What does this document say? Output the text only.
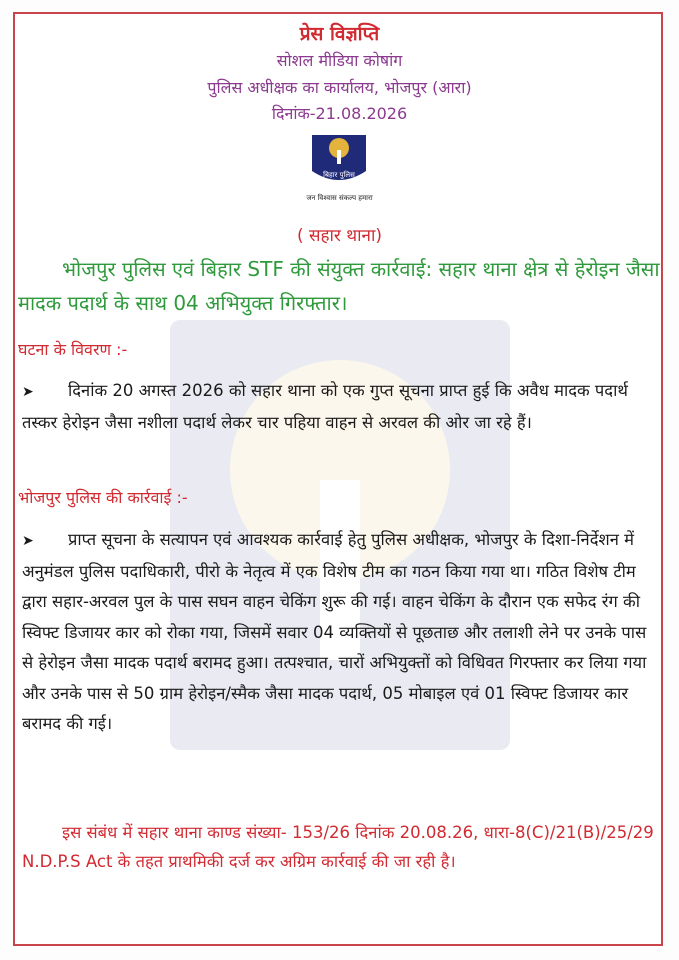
प्रेस विज्ञप्ति
सोशल मीडिया कोषांग
पुलिस अधीक्षक का कार्यालय, भोजपुर (आरा)
दिनांक-21.08.2026
बिहार पुलिस
जन विश्वास संकल्प हमारा
( सहार थाना)
भोजपुर पुलिस एवं बिहार STF की संयुक्त कार्रवाई: सहार थाना क्षेत्र से हेरोइन जैसा मादक पदार्थ के साथ 04 अभियुक्त गिरफ्तार।
घटना के विवरण :-
➤ दिनांक 20 अगस्त 2026 को सहार थाना को एक गुप्त सूचना प्राप्त हुई कि अवैध मादक पदार्थ तस्कर हेरोइन जैसा नशीला पदार्थ लेकर चार पहिया वाहन से अरवल की ओर जा रहे हैं।
भोजपुर पुलिस की कार्रवाई :-
➤ प्राप्त सूचना के सत्यापन एवं आवश्यक कार्रवाई हेतु पुलिस अधीक्षक, भोजपुर के दिशा-निर्देशन में अनुमंडल पुलिस पदाधिकारी, पीरो के नेतृत्व में एक विशेष टीम का गठन किया गया था। गठित विशेष टीम द्वारा सहार-अरवल पुल के पास सघन वाहन चेकिंग शुरू की गई। वाहन चेकिंग के दौरान एक सफेद रंग की स्विफ्ट डिजायर कार को रोका गया, जिसमें सवार 04 व्यक्तियों से पूछताछ और तलाशी लेने पर उनके पास से हेरोइन जैसा मादक पदार्थ बरामद हुआ। तत्पश्चात, चारों अभियुक्तों को विधिवत गिरफ्तार कर लिया गया और उनके पास से 50 ग्राम हेरोइन/स्मैक जैसा मादक पदार्थ, 05 मोबाइल एवं 01 स्विफ्ट डिजायर कार बरामद की गई।
इस संबंध में सहार थाना काण्ड संख्या- 153/26 दिनांक 20.08.26, धारा-8(C)/21(B)/25/29 N.D.P.S Act के तहत प्राथमिकी दर्ज कर अग्रिम कार्रवाई की जा रही है।
